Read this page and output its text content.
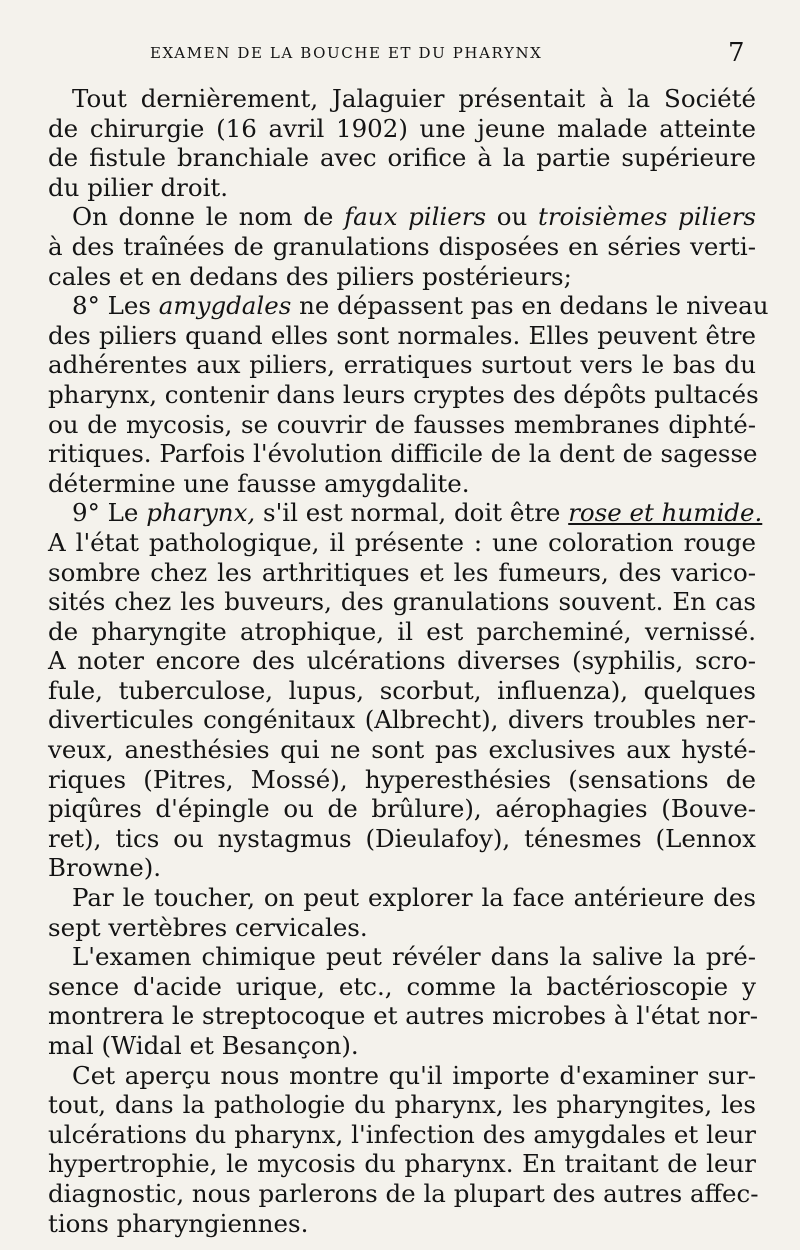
EXAMEN DE LA BOUCHE ET DU PHARYNX	7
Tout dernièrement, Jalaguier présentait à la Société
de chirurgie (16 avril 1902) une jeune malade atteinte
de fistule branchiale avec orifice à la partie supérieure
du pilier droit.
On donne le nom de faux piliers ou troisièmes piliers
à des traînées de granulations disposées en séries verti-
cales et en dedans des piliers postérieurs;
8° Les amygdales ne dépassent pas en dedans le niveau
des piliers quand elles sont normales. Elles peuvent être
adhérentes aux piliers, erratiques surtout vers le bas du
pharynx, contenir dans leurs cryptes des dépôts pultacés
ou de mycosis, se couvrir de fausses membranes diphté-
ritiques. Parfois l'évolution difficile de la dent de sagesse
détermine une fausse amygdalite.
9° Le pharynx, s'il est normal, doit être rose et humide.
A l'état pathologique, il présente : une coloration rouge
sombre chez les arthritiques et les fumeurs, des varico-
sités chez les buveurs, des granulations souvent. En cas
de pharyngite atrophique, il est parcheminé, vernissé.
A noter encore des ulcérations diverses (syphilis, scro-
fule, tuberculose, lupus, scorbut, influenza), quelques
diverticules congénitaux (Albrecht), divers troubles ner-
veux, anesthésies qui ne sont pas exclusives aux hysté-
riques (Pitres, Mossé), hyperesthésies (sensations de
piqûres d'épingle ou de brûlure), aérophagies (Bouve-
ret), tics ou nystagmus (Dieulafoy), ténesmes (Lennox
Browne).
Par le toucher, on peut explorer la face antérieure des
sept vertèbres cervicales.
L'examen chimique peut révéler dans la salive la pré-
sence d'acide urique, etc., comme la bactérioscopie y
montrera le streptocoque et autres microbes à l'état nor-
mal (Widal et Besançon).
Cet aperçu nous montre qu'il importe d'examiner sur-
tout, dans la pathologie du pharynx, les pharyngites, les
ulcérations du pharynx, l'infection des amygdales et leur
hypertrophie, le mycosis du pharynx. En traitant de leur
diagnostic, nous parlerons de la plupart des autres affec-
tions pharyngiennes.
